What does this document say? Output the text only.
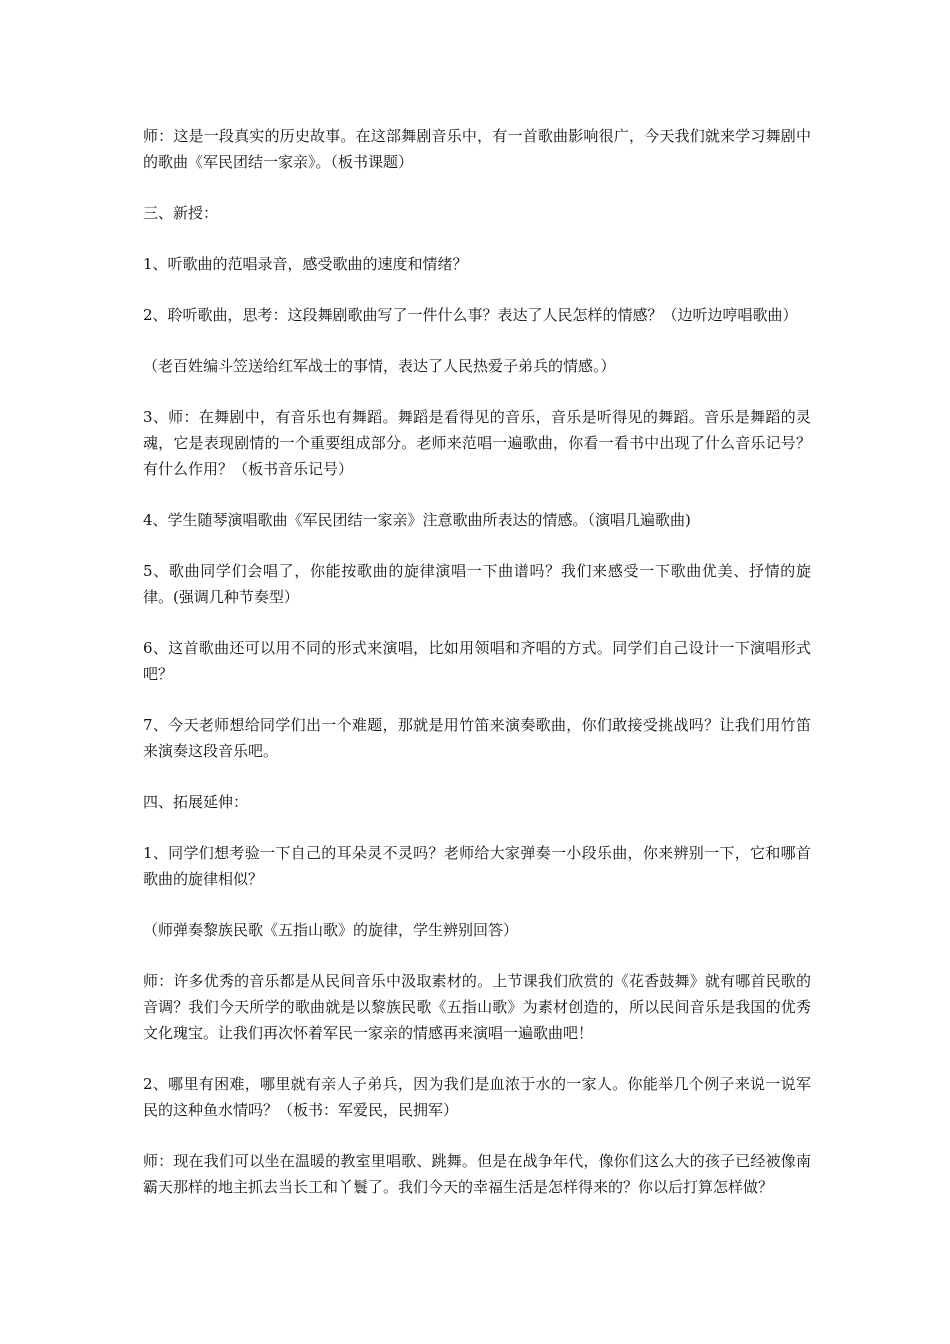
师：这是一段真实的历史故事。在这部舞剧音乐中，有一首歌曲影响很广，今天我们就来学习舞剧中的歌曲《军民团结一家亲》。（板书课题）

三、新授：

1、听歌曲的范唱录音，感受歌曲的速度和情绪？

2、聆听歌曲，思考：这段舞剧歌曲写了一件什么事？表达了人民怎样的情感？（边听边哼唱歌曲）

（老百姓编斗笠送给红军战士的事情，表达了人民热爱子弟兵的情感。）

3、师：在舞剧中，有音乐也有舞蹈。舞蹈是看得见的音乐，音乐是听得见的舞蹈。音乐是舞蹈的灵魂，它是表现剧情的一个重要组成部分。老师来范唱一遍歌曲，你看一看书中出现了什么音乐记号？有什么作用？（板书音乐记号）

4、学生随琴演唱歌曲《军民团结一家亲》注意歌曲所表达的情感。（演唱几遍歌曲)

5、歌曲同学们会唱了，你能按歌曲的旋律演唱一下曲谱吗？我们来感受一下歌曲优美、抒情的旋律。(强调几种节奏型）

6、这首歌曲还可以用不同的形式来演唱，比如用领唱和齐唱的方式。同学们自己设计一下演唱形式吧？

7、今天老师想给同学们出一个难题，那就是用竹笛来演奏歌曲，你们敢接受挑战吗？让我们用竹笛来演奏这段音乐吧。

四、拓展延伸：

1、同学们想考验一下自己的耳朵灵不灵吗？老师给大家弹奏一小段乐曲，你来辨别一下，它和哪首歌曲的旋律相似？

（师弹奏黎族民歌《五指山歌》的旋律，学生辨别回答）

师：许多优秀的音乐都是从民间音乐中汲取素材的。上节课我们欣赏的《花香鼓舞》就有哪首民歌的音调？我们今天所学的歌曲就是以黎族民歌《五指山歌》为素材创造的，所以民间音乐是我国的优秀文化瑰宝。让我们再次怀着军民一家亲的情感再来演唱一遍歌曲吧！

2、哪里有困难，哪里就有亲人子弟兵，因为我们是血浓于水的一家人。你能举几个例子来说一说军民的这种鱼水情吗？（板书：军爱民，民拥军）

师：现在我们可以坐在温暖的教室里唱歌、跳舞。但是在战争年代，像你们这么大的孩子已经被像南霸天那样的地主抓去当长工和丫鬟了。我们今天的幸福生活是怎样得来的？你以后打算怎样做？
